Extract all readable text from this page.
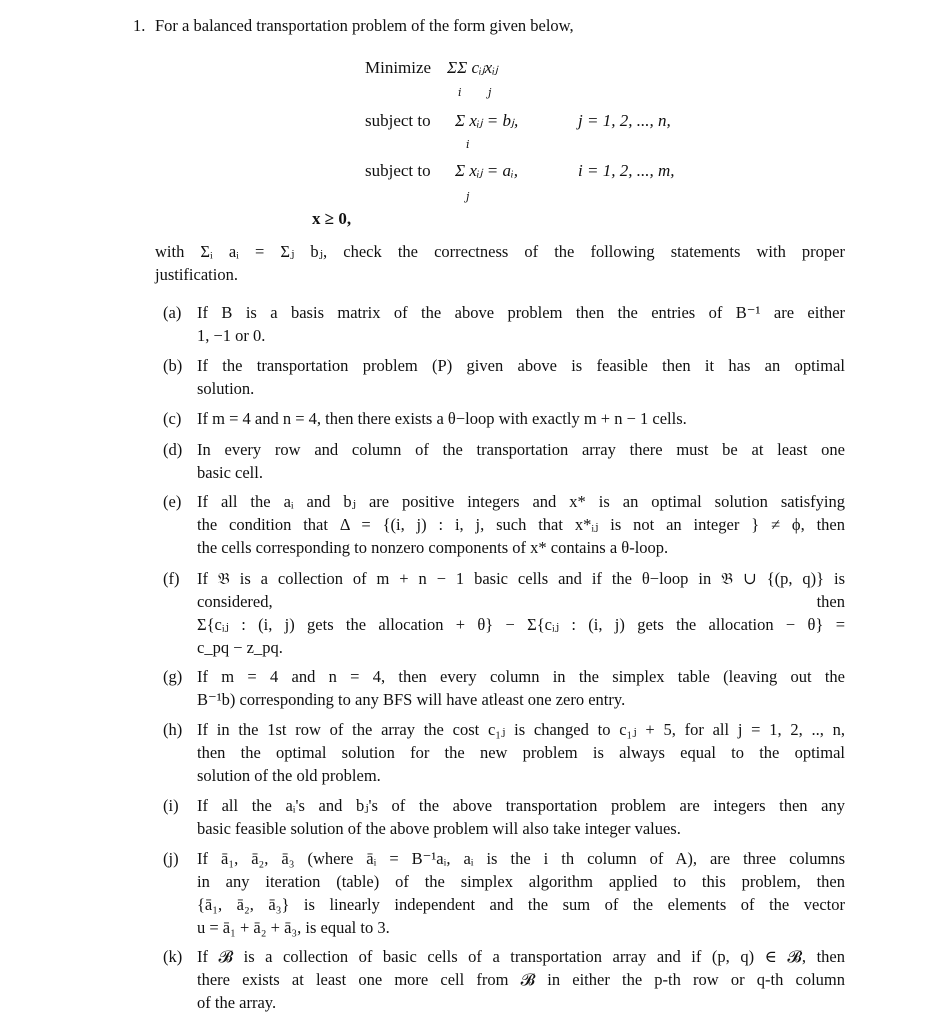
1. For a balanced transportation problem of the form given below,
Minimize ΣΣ cᵢⱼxᵢⱼ
i j
subject to Σ xᵢⱼ = bⱼ,
i
j = 1, 2, ..., n,
subject to Σ xᵢⱼ = aᵢ,
j
i = 1, 2, ..., m,
x ≥ 0,
with Σᵢ aᵢ = Σⱼ bⱼ, check the correctness of the following statements with proper
justification.
(a) If B is a basis matrix of the above problem then the entries of B⁻¹ are either
1, −1 or 0.
(b) If the transportation problem (P) given above is feasible then it has an optimal
solution.
(c) If m = 4 and n = 4, then there exists a θ−loop with exactly m + n − 1 cells.
(d) In every row and column of the transportation array there must be at least one
basic cell.
(e) If all the aᵢ and bⱼ are positive integers and x* is an optimal solution satisfying
the condition that Δ = {(i, j) : i, j, such that x*ᵢⱼ is not an integer } ≠ ϕ, then
the cells corresponding to nonzero components of x* contains a θ-loop.
(f) If 𝔅 is a collection of m + n − 1 basic cells and if the θ−loop in 𝔅 ∪ {(p, q)} is
considered, then
Σ{cᵢⱼ : (i, j) gets the allocation + θ} − Σ{cᵢⱼ : (i, j) gets the allocation − θ} =
c_pq − z_pq.
(g) If m = 4 and n = 4, then every column in the simplex table (leaving out the
B⁻¹b) corresponding to any BFS will have atleast one zero entry.
(h) If in the 1st row of the array the cost c₁ⱼ is changed to c₁ⱼ + 5, for all j = 1, 2, .., n,
then the optimal solution for the new problem is always equal to the optimal
solution of the old problem.
(i) If all the aᵢ's and bⱼ's of the above transportation problem are integers then any
basic feasible solution of the above problem will also take integer values.
(j) If ā₁, ā₂, ā₃ (where āᵢ = B⁻¹aᵢ, aᵢ is the i th column of A), are three columns
in any iteration (table) of the simplex algorithm applied to this problem, then
{ā₁, ā₂, ā₃} is linearly independent and the sum of the elements of the vector
u = ā₁ + ā₂ + ā₃, is equal to 3.
(k) If 𝓑 is a collection of basic cells of a transportation array and if (p, q) ∈ 𝓑, then
there exists at least one more cell from 𝓑 in either the p-th row or q-th column
of the array.
